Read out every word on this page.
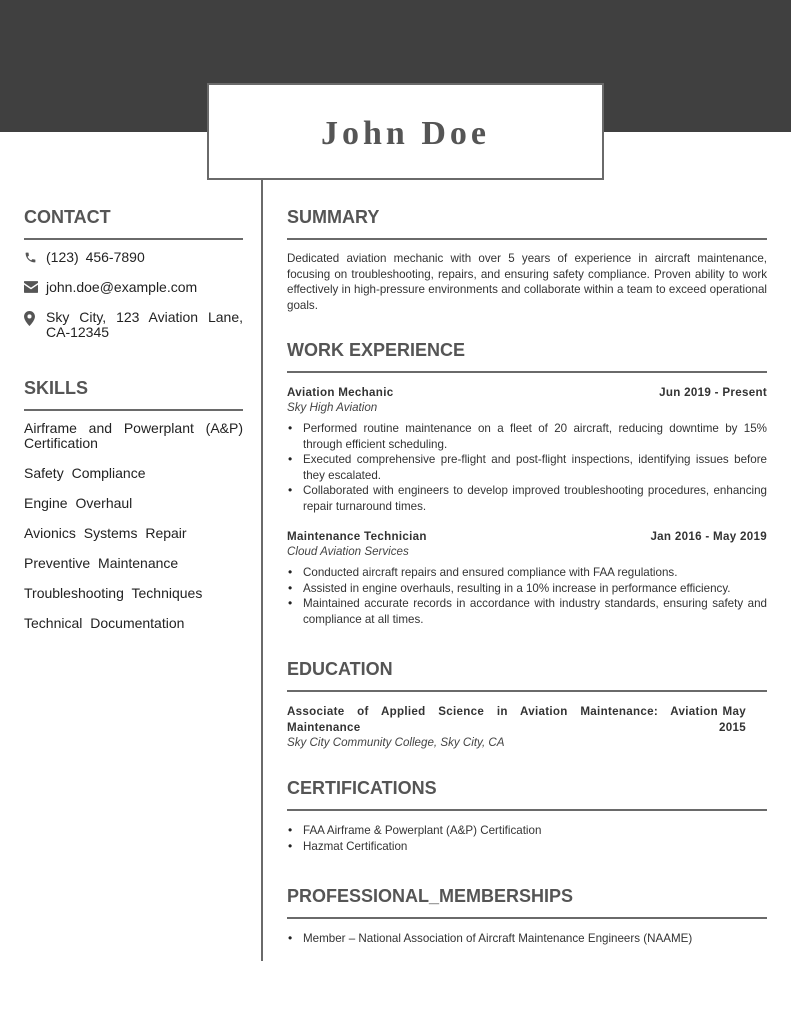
John Doe
CONTACT
(123) 456-7890
john.doe@example.com
Sky City, 123 Aviation Lane, CA-12345
SKILLS
Airframe and Powerplant (A&P) Certification
Safety Compliance
Engine Overhaul
Avionics Systems Repair
Preventive Maintenance
Troubleshooting Techniques
Technical Documentation
SUMMARY

Dedicated aviation mechanic with over 5 years of experience in aircraft maintenance, focusing on troubleshooting, repairs, and ensuring safety compliance. Proven ability to work effectively in high-pressure environments and collaborate within a team to exceed operational goals.

WORK EXPERIENCE
Aviation Mechanic	Jun 2019 - Present
Sky High Aviation
• Performed routine maintenance on a fleet of 20 aircraft, reducing downtime by 15% through efficient scheduling.
• Executed comprehensive pre-flight and post-flight inspections, identifying issues before they escalated.
• Collaborated with engineers to develop improved troubleshooting procedures, enhancing repair turnaround times.
Maintenance Technician	Jan 2016 - May 2019
Cloud Aviation Services
• Conducted aircraft repairs and ensured compliance with FAA regulations.
• Assisted in engine overhauls, resulting in a 10% increase in performance efficiency.
• Maintained accurate records in accordance with industry standards, ensuring safety and compliance at all times.
EDUCATION
Associate of Applied Science in Aviation Maintenance: Aviation Maintenance
May 2015
Sky City Community College, Sky City, CA
CERTIFICATIONS
• FAA Airframe & Powerplant (A&P) Certification
• Hazmat Certification
PROFESSIONAL_MEMBERSHIPS
• Member – National Association of Aircraft Maintenance Engineers (NAAME)
